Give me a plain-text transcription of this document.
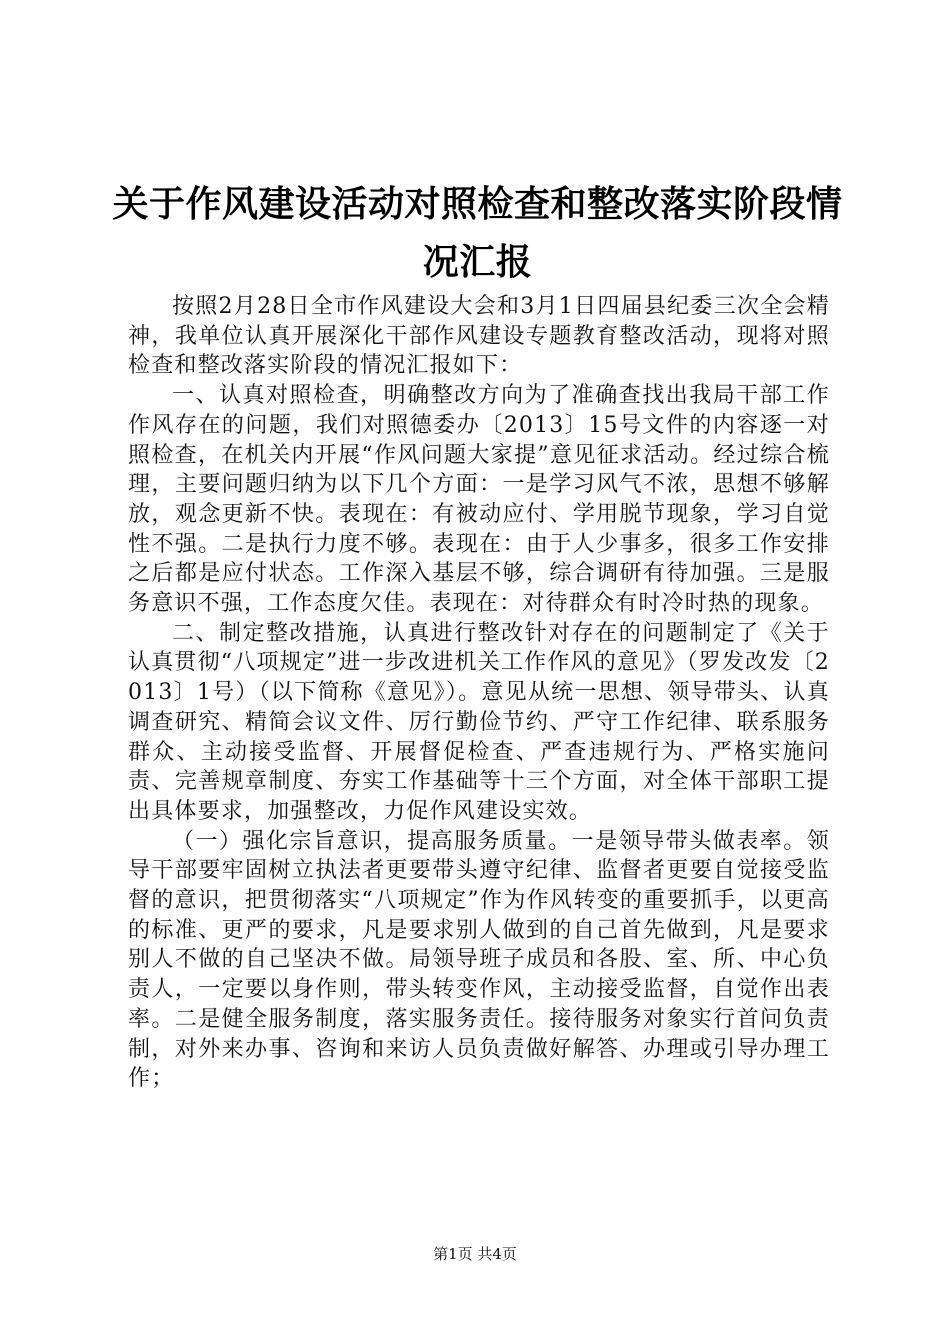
关于作风建设活动对照检查和整改落实阶段情况汇报

按照2月28日全市作风建设大会和3月1日四届县纪委三次全会精神，我单位认真开展深化干部作风建设专题教育整改活动，现将对照检查和整改落实阶段的情况汇报如下：

一、认真对照检查，明确整改方向为了准确查找出我局干部工作作风存在的问题，我们对照德委办〔2013〕15号文件的内容逐一对照检查，在机关内开展“作风问题大家提”意见征求活动。经过综合梳理，主要问题归纳为以下几个方面：一是学习风气不浓，思想不够解放，观念更新不快。表现在：有被动应付、学用脱节现象，学习自觉性不强。二是执行力度不够。表现在：由于人少事多，很多工作安排之后都是应付状态。工作深入基层不够，综合调研有待加强。三是服务意识不强，工作态度欠佳。表现在：对待群众有时冷时热的现象。

二、制定整改措施，认真进行整改针对存在的问题制定了《关于认真贯彻“八项规定”进一步改进机关工作作风的意见》（罗发改发〔2013〕1号）（以下简称《意见》）。意见从统一思想、领导带头、认真调查研究、精简会议文件、厉行勤俭节约、严守工作纪律、联系服务群众、主动接受监督、开展督促检查、严查违规行为、严格实施问责、完善规章制度、夯实工作基础等十三个方面，对全体干部职工提出具体要求，加强整改，力促作风建设实效。

（一）强化宗旨意识，提高服务质量。一是领导带头做表率。领导干部要牢固树立执法者更要带头遵守纪律、监督者更要自觉接受监督的意识，把贯彻落实“八项规定”作为作风转变的重要抓手，以更高的标准、更严的要求，凡是要求别人做到的自己首先做到，凡是要求别人不做的自己坚决不做。局领导班子成员和各股、室、所、中心负责人，一定要以身作则，带头转变作风，主动接受监督，自觉作出表率。二是健全服务制度，落实服务责任。接待服务对象实行首问负责制，对外来办事、咨询和来访人员负责做好解答、办理或引导办理工作；

第1页 共4页
